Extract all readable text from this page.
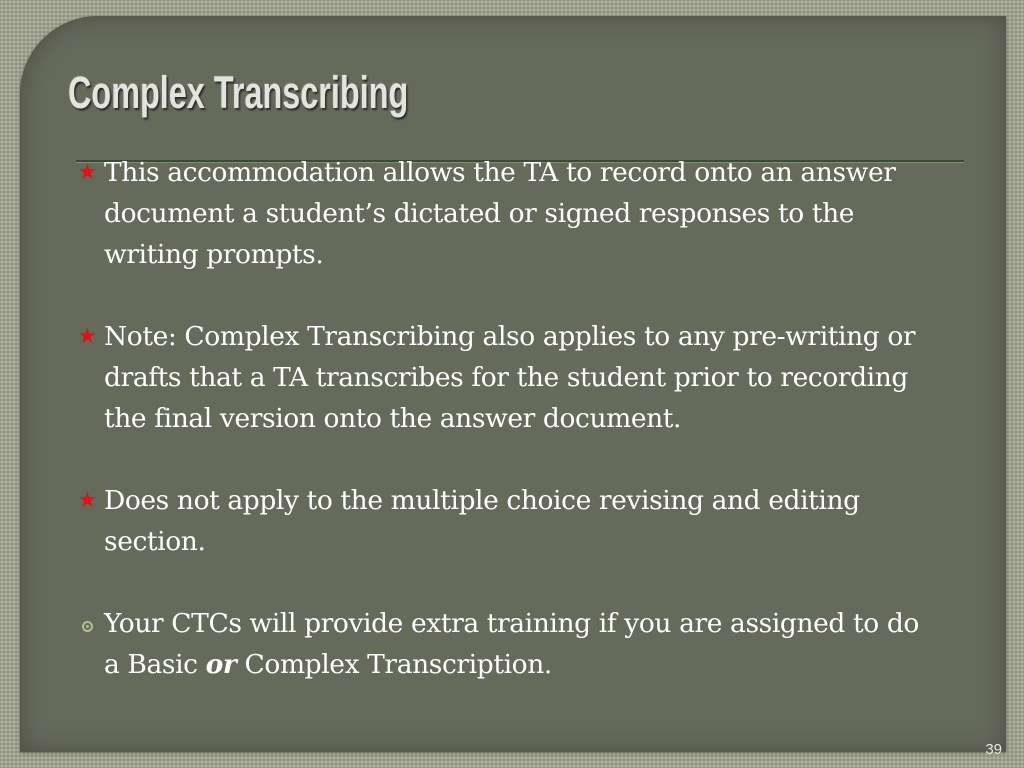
Complex Transcribing

★ This accommodation allows the TA to record onto an answer document a student’s dictated or signed responses to the writing prompts.

★ Note: Complex Transcribing also applies to any pre-writing or drafts that a TA transcribes for the student prior to recording the final version onto the answer document.

★ Does not apply to the multiple choice revising and editing section.

Your CTCs will provide extra training if you are assigned to do a Basic or Complex Transcription.

39
